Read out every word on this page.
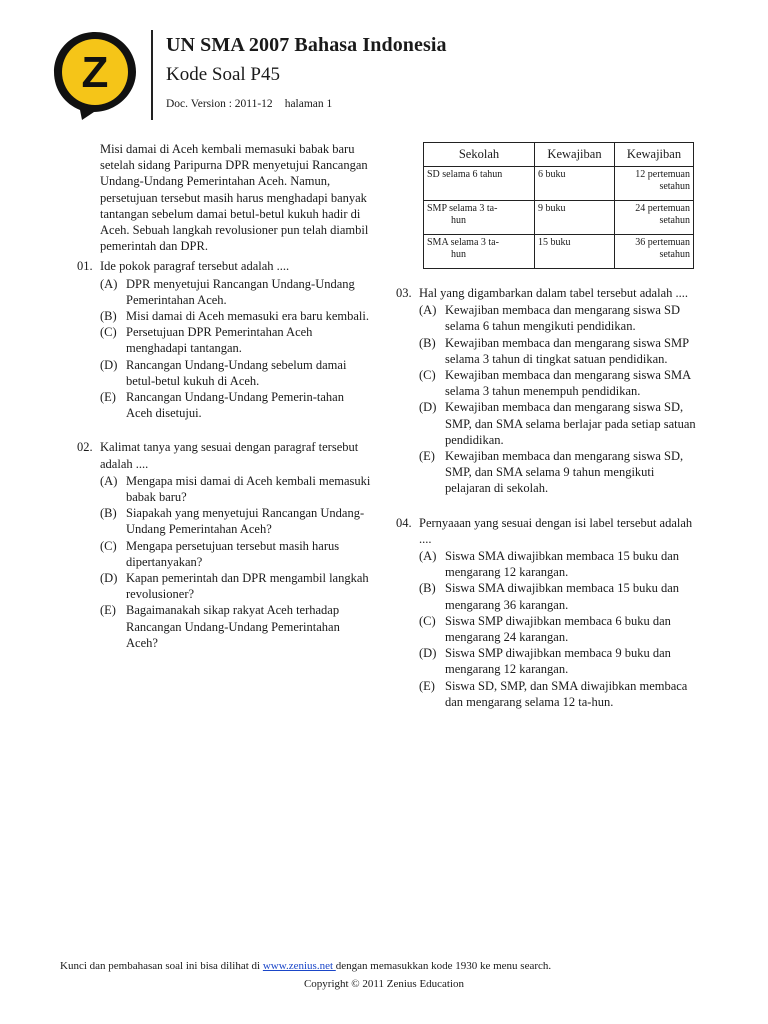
Z
UN SMA 2007 Bahasa Indonesia
Kode Soal P45
Doc. Version : 2011-12 halaman 1
Sekolah	Kewajiban	Kewajiban
SD selama 6 tahun	6 buku	12 pertemuan
setahun
SMP selama 3 ta-
hun	9 buku	24 pertemuan
setahun
SMA selama 3 ta-
hun	15 buku	36 pertemuan
setahun
Misi damai di Aceh kembali memasuki babak baru setelah sidang Paripurna DPR menyetujui Rancangan Undang-Undang Pemerintahan Aceh. Namun, persetujuan tersebut masih harus menghadapi banyak tantangan sebelum damai betul-betul kukuh hadir di Aceh. Sebuah langkah revolusioner pun telah diambil pemerintah dan DPR.
01. Ide pokok paragraf tersebut adalah ....
(A) DPR menyetujui Rancangan Undang-Undang Pemerintahan Aceh.
(B) Misi damai di Aceh memasuki era baru kembali.
(C) Persetujuan DPR Pemerintahan Aceh menghadapi tantangan.
(D) Rancangan Undang-Undang sebelum damai betul-betul kukuh di Aceh.
(E) Rancangan Undang-Undang Pemerin-tahan Aceh disetujui.
02. Kalimat tanya yang sesuai dengan paragraf tersebut adalah ....
(A) Mengapa misi damai di Aceh kembali memasuki babak baru?
(B) Siapakah yang menyetujui Rancangan Undang-Undang Pemerintahan Aceh?
(C) Mengapa persetujuan tersebut masih harus dipertanyakan?
(D) Kapan pemerintah dan DPR mengambil langkah revolusioner?
(E) Bagaimanakah sikap rakyat Aceh terhadap Rancangan Undang-Undang Pemerintahan Aceh?
03. Hal yang digambarkan dalam tabel tersebut adalah ....
(A) Kewajiban membaca dan mengarang siswa SD selama 6 tahun mengikuti pendidikan.
(B) Kewajiban membaca dan mengarang siswa SMP selama 3 tahun di tingkat satuan pendidikan.
(C) Kewajiban membaca dan mengarang siswa SMA selama 3 tahun menempuh pendidikan.
(D) Kewajiban membaca dan mengarang siswa SD, SMP, dan SMA selama berlajar pada setiap satuan pendidikan.
(E) Kewajiban membaca dan mengarang siswa SD, SMP, dan SMA selama 9 tahun mengikuti pelajaran di sekolah.
04. Pernyaaan yang sesuai dengan isi label tersebut adalah ....
(A) Siswa SMA diwajibkan membaca 15 buku dan mengarang 12 karangan.
(B) Siswa SMA diwajibkan membaca 15 buku dan mengarang 36 karangan.
(C) Siswa SMP diwajibkan membaca 6 buku dan mengarang 24 karangan.
(D) Siswa SMP diwajibkan membaca 9 buku dan mengarang 12 karangan.
(E) Siswa SD, SMP, dan SMA diwajibkan membaca dan mengarang selama 12 ta-hun.
Kunci dan pembahasan soal ini bisa dilihat di www.zenius.net dengan memasukkan kode 1930 ke menu search.
Copyright © 2011 Zenius Education
